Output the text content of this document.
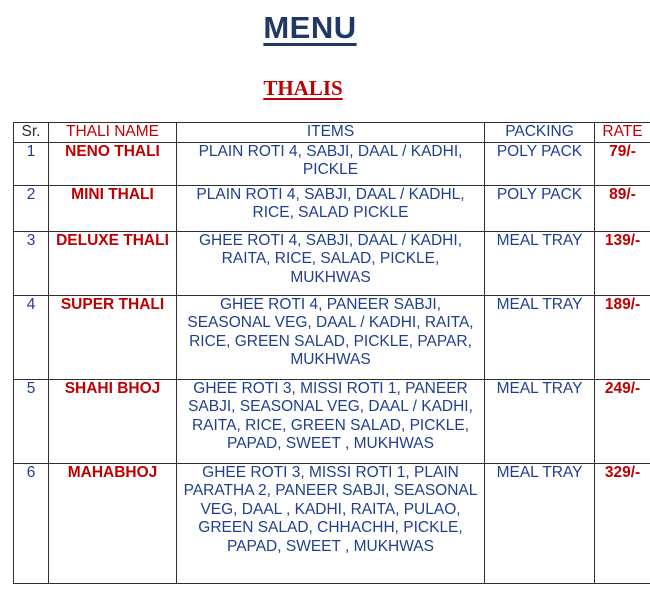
MENU
THALIS
Sr.	THALI NAME	ITEMS	PACKING	RATE
1	NENO THALI	PLAIN ROTI 4, SABJI, DAAL / KADHI, PICKLE	POLY PACK	79/-
2	MINI THALI	PLAIN ROTI 4, SABJI, DAAL / KADHL, RICE, SALAD PICKLE	POLY PACK	89/-
3	DELUXE THALI	GHEE ROTI 4, SABJI, DAAL / KADHI, RAITA, RICE, SALAD, PICKLE, MUKHWAS	MEAL TRAY	139/-
4	SUPER THALI	GHEE ROTI 4, PANEER SABJI, SEASONAL VEG, DAAL / KADHI, RAITA, RICE, GREEN SALAD, PICKLE, PAPAR, MUKHWAS	MEAL TRAY	189/-
5	SHAHI BHOJ	GHEE ROTI 3, MISSI ROTI 1, PANEER SABJI, SEASONAL VEG, DAAL / KADHI, RAITA, RICE, GREEN SALAD, PICKLE, PAPAD, SWEET , MUKHWAS	MEAL TRAY	249/-
6	MAHABHOJ	GHEE ROTI 3, MISSI ROTI 1, PLAIN PARATHA 2, PANEER SABJI, SEASONAL VEG, DAAL , KADHI, RAITA, PULAO, GREEN SALAD, CHHACHH, PICKLE, PAPAD, SWEET , MUKHWAS	MEAL TRAY	329/-
